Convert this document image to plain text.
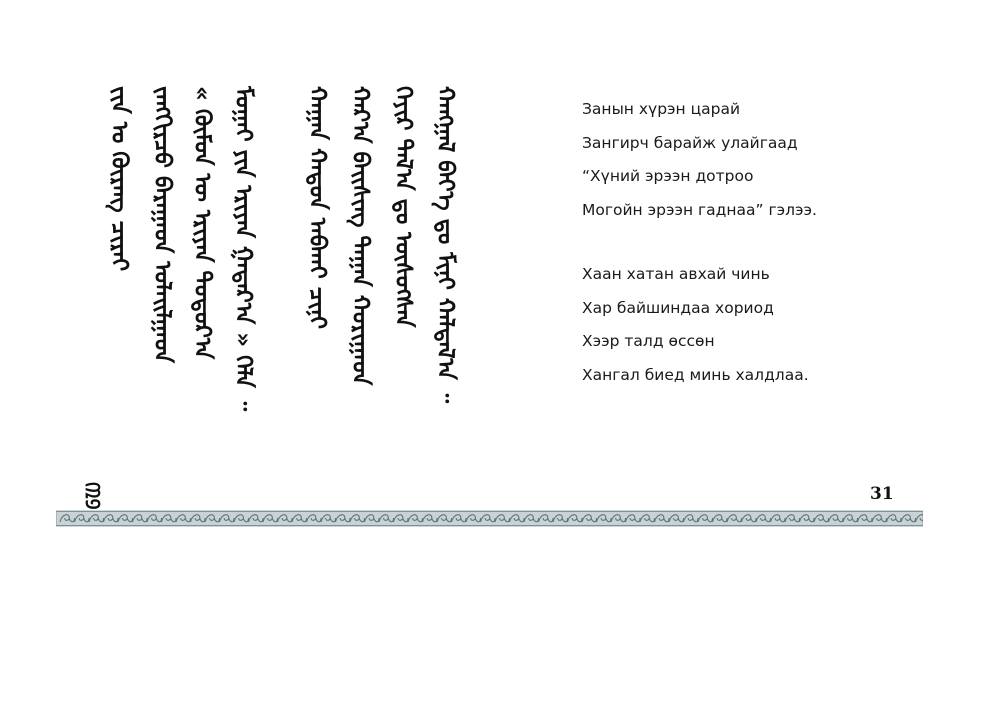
ᠵᠢᠨ ᠤ ᠬᠦᠷᠡᠩ ᠴᠢᠷᠠᠢ ᠵᠠᠩᠭᠢᠷᠴᠤ ᠪᠠᠷᠠᠭᠠᠳ ᠤᠯᠠᠢᠯᠭᠠᠳ « ᠬᠦᠮᠦᠨ ᠦ ᠡᠷᠢᠶᠡᠨ ᠳᠣᠲᠣᠷ᠎ᠠ ᠮᠣᠭᠠᠢ ᠶᠢᠨ ᠡᠷᠢᠶᠡᠨ ᠭᠠᠳᠠᠷ᠎ᠠ » ᠭᠡᠯᠡ ᠃ ᠬᠠᠭᠠᠨ ᠬᠠᠲᠤᠨ ᠠᠪᠬᠠᠢ ᠴᠢᠨᠢ ᠬᠠᠷ᠎ᠠ ᠪᠠᠢᠰᠢᠩ ᠳᠠᠭᠠᠨ ᠬᠣᠷᠢᠭᠠᠳ ᠬᠡᠶᠢᠷ ᠲᠠᠯ᠎ᠠ ᠳᠤ ᠥᠰᠦᠭᠰᠡᠨ ᠬᠠᠩᠭᠠᠯ ᠪᠡᠶ᠎ᠡ ᠳᠤ ᠮᠢᠨᠢ ᠬᠠᠯᠳᠠᠯ᠎ᠠ ᠃	Занын хүрэн царай
Зангирч барайж улайгаад
“Хүний эрээн дотроо
Могойн эрээн гаднаа” гэлээ.
Хаан хатан авхай чинь
Хар байшиндаа хориод
Хээр талд өссөн
Хангал биед минь халдлаа.
᠓᠑	31
